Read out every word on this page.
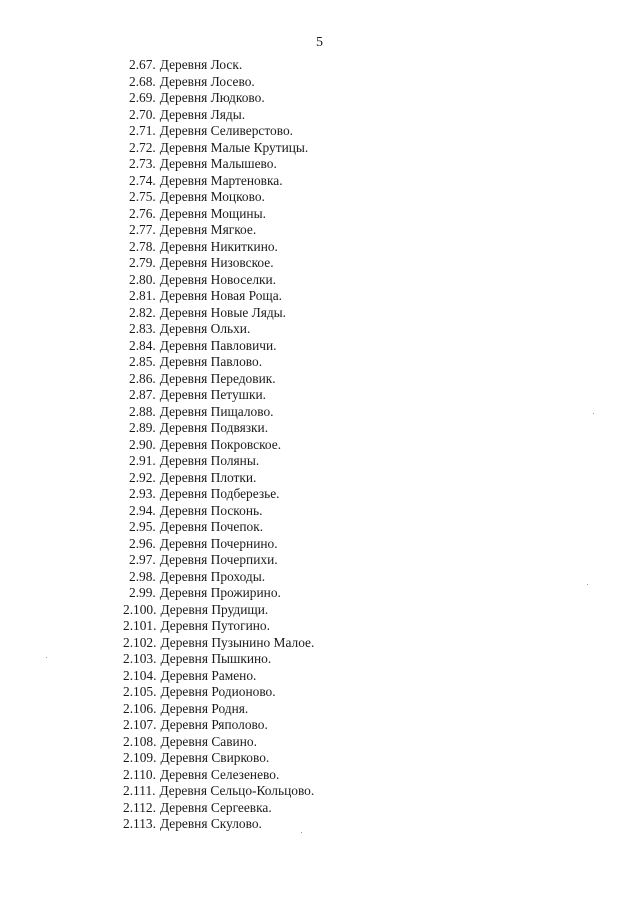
5
2.67. Деревня Лоск.
2.68. Деревня Лосево.
2.69. Деревня Людково.
2.70. Деревня Ляды.
2.71. Деревня Селиверстово.
2.72. Деревня Малые Крутицы.
2.73. Деревня Малышево.
2.74. Деревня Мартеновка.
2.75. Деревня Моцково.
2.76. Деревня Мощины.
2.77. Деревня Мягкое.
2.78. Деревня Никиткино.
2.79. Деревня Низовское.
2.80. Деревня Новоселки.
2.81. Деревня Новая Роща.
2.82. Деревня Новые Ляды.
2.83. Деревня Ольхи.
2.84. Деревня Павловичи.
2.85. Деревня Павлово.
2.86. Деревня Передовик.
2.87. Деревня Петушки.
2.88. Деревня Пищалово.
2.89. Деревня Подвязки.
2.90. Деревня Покровское.
2.91. Деревня Поляны.
2.92. Деревня Плотки.
2.93. Деревня Подберезье.
2.94. Деревня Посконь.
2.95. Деревня Почепок.
2.96. Деревня Почернино.
2.97. Деревня Почерпихи.
2.98. Деревня Проходы.
2.99. Деревня Прожирино.
2.100. Деревня Прудищи.
2.101. Деревня Путогино.
2.102. Деревня Пузынино Малое.
2.103. Деревня Пышкино.
2.104. Деревня Рамено.
2.105. Деревня Родионово.
2.106. Деревня Родня.
2.107. Деревня Ряполово.
2.108. Деревня Савино.
2.109. Деревня Свирково.
2.110. Деревня Селезенево.
2.111. Деревня Сельцо-Кольцово.
2.112. Деревня Сергеевка.
2.113. Деревня Скулово.
